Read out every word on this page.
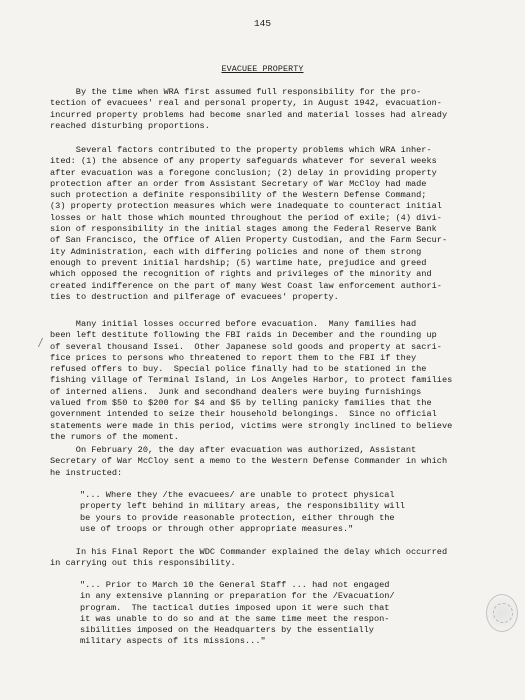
145
EVACUEE PROPERTY
By the time when WRA first assumed full responsibility for the pro-
tection of evacuees' real and personal property, in August 1942, evacuation-
incurred property problems had become snarled and material losses had already
reached disturbing proportions.
Several factors contributed to the property problems which WRA inher-
ited: (1) the absence of any property safeguards whatever for several weeks
after evacuation was a foregone conclusion; (2) delay in providing property
protection after an order from Assistant Secretary of War McCloy had made
such protection a definite responsibility of the Western Defense Command;
(3) property protection measures which were inadequate to counteract initial
losses or halt those which mounted throughout the period of exile; (4) divi-
sion of responsibility in the initial stages among the Federal Reserve Bank
of San Francisco, the Office of Alien Property Custodian, and the Farm Secur-
ity Administration, each with differing policies and none of them strong
enough to prevent initial hardship; (5) wartime hate, prejudice and greed
which opposed the recognition of rights and privileges of the minority and
created indifference on the part of many West Coast law enforcement authori-
ties to destruction and pilferage of evacuees' property.
Many initial losses occurred before evacuation.  Many families had
been left destitute following the FBI raids in December and the rounding up
of several thousand Issei.  Other Japanese sold goods and property at sacri-
fice prices to persons who threatened to report them to the FBI if they
refused offers to buy.  Special police finally had to be stationed in the
fishing village of Terminal Island, in Los Angeles Harbor, to protect families
of interned aliens.  Junk and secondhand dealers were buying furnishings
valued from $50 to $200 for $4 and $5 by telling panicky families that the
government intended to seize their household belongings.  Since no official
statements were made in this period, victims were strongly inclined to believe
the rumors of the moment.
On February 20, the day after evacuation was authorized, Assistant
Secretary of War McCloy sent a memo to the Western Defense Commander in which
he instructed:
"... Where they /the evacuees/ are unable to protect physical
property left behind in military areas, the responsibility will
be yours to provide reasonable protection, either through the
use of troops or through other appropriate measures."
In his Final Report the WDC Commander explained the delay which occurred
in carrying out this responsibility.
"... Prior to March 10 the General Staff ... had not engaged
in any extensive planning or preparation for the /Evacuation/
program.  The tactical duties imposed upon it were such that
it was unable to do so and at the same time meet the respon-
sibilities imposed on the Headquarters by the essentially
military aspects of its missions..."
